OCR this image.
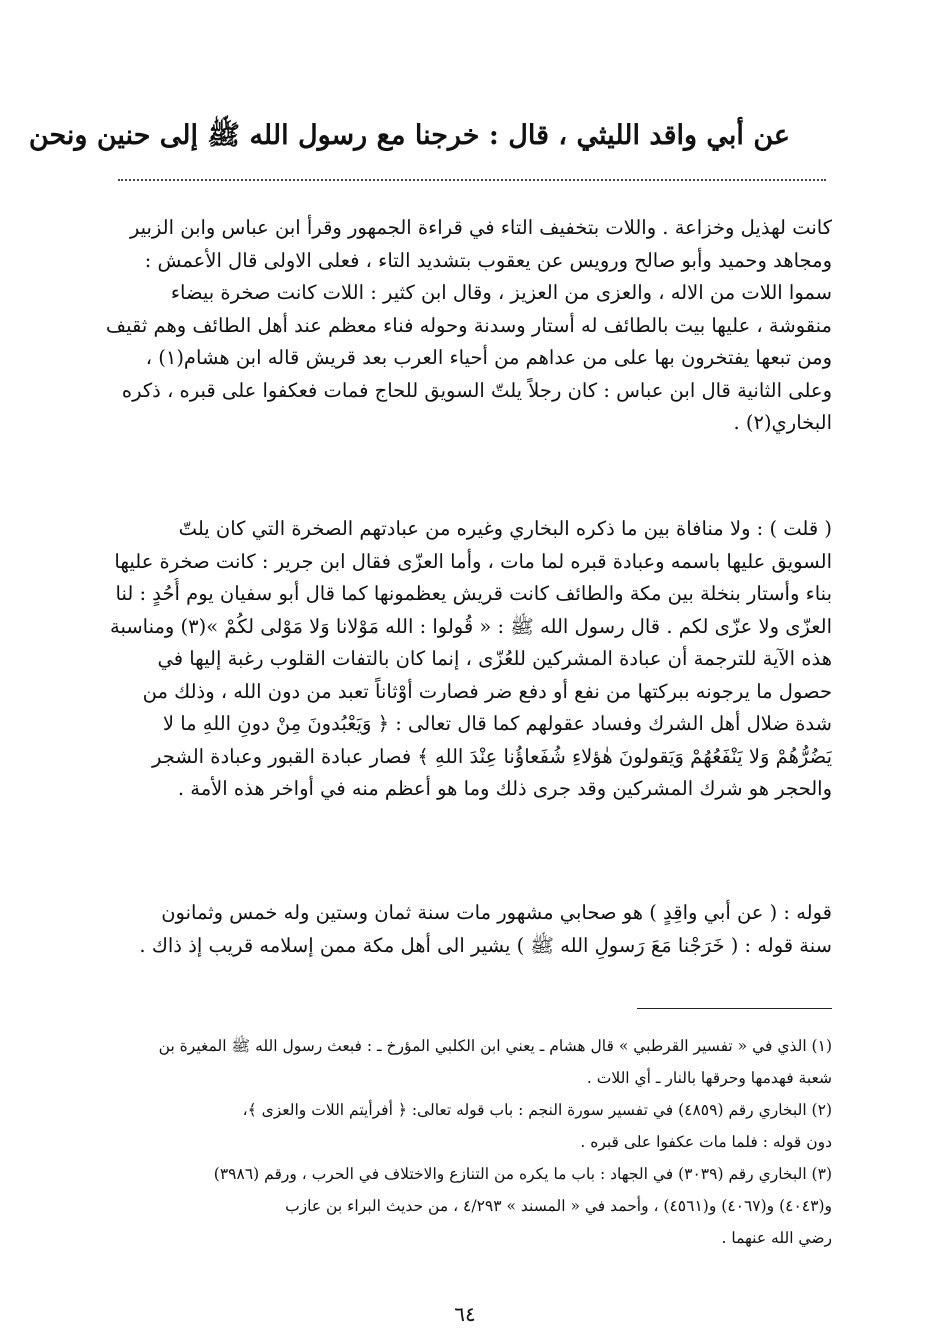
عن أبي واقد الليثي ، قال : خرجنا مع رسول الله ﷺ إلى حنين ونحن
كانت لهذيل وخزاعة . واللات بتخفيف التاء في قراءة الجمهور وقرأ ابن عباس وابن الزبير
ومجاهد وحميد وأبو صالح ورويس عن يعقوب بتشديد التاء ، فعلى الاولى قال الأعمش :
سموا اللات من الاله ، والعزى من العزيز ، وقال ابن كثير : اللات كانت صخرة بيضاء
منقوشة ، عليها بيت بالطائف له أستار وسدنة وحوله فناء معظم عند أهل الطائف وهم ثقيف
ومن تبعها يفتخرون بها على من عداهم من أحياء العرب بعد قريش قاله ابن هشام(١) ،
وعلى الثانية قال ابن عباس : كان رجلاً يلتّ السويق للحاج فمات فعكفوا على قبره ، ذكره
البخاري(٢) .
( قلت ) : ولا منافاة بين ما ذكره البخاري وغيره من عبادتهم الصخرة التي كان يلتّ
السويق عليها باسمه وعبادة قبره لما مات ، وأما العزّى فقال ابن جرير : كانت صخرة عليها
بناء وأستار بنخلة بين مكة والطائف كانت قريش يعظمونها كما قال أبو سفيان يوم أُحُدٍ : لنا
العزّى ولا عزّى لكم . قال رسول الله ﷺ : « قُولوا : الله مَوْلانا وَلا مَوْلى لكُمْ »(٣) ومناسبة
هذه الآية للترجمة أن عبادة المشركين للعُزّى ، إنما كان بالتفات القلوب رغبة إليها في
حصول ما يرجونه ببركتها من نفع أو دفع ضر فصارت أوْثاناً تعبد من دون الله ، وذلك من
شدة ضلال أهل الشرك وفساد عقولهم كما قال تعالى : ﴿ وَيَعْبُدونَ مِنْ دونِ اللهِ ما لا
يَضُرُّهُمْ وَلا يَنْفَعُهُمْ وَيَقولونَ هٰؤلاءِ شُفَعاؤُنا عِنْدَ اللهِ ﴾ فصار عبادة القبور وعبادة الشجر
والحجر هو شرك المشركين وقد جرى ذلك وما هو أعظم منه في أواخر هذه الأمة .
قوله : ( عن أبي واقِدٍ ) هو صحابي مشهور مات سنة ثمان وستين وله خمس وثمانون
سنة قوله : ( خَرَجْنا مَعَ رَسولِ الله ﷺ ) يشير الى أهل مكة ممن إسلامه قريب إذ ذاك .
(١) الذي في « تفسير القرطبي » قال هشام ـ يعني ابن الكلبي المؤرخ ـ : فبعث رسول الله ﷺ المغيرة بن
شعبة فهدمها وحرقها بالنار ـ أي اللات .
(٢) البخاري رقم (٤٨٥٩) في تفسير سورة النجم : باب قوله تعالى: ﴿ أفرأيتم اللات والعزى ﴾،
دون قوله : فلما مات عكفوا على قبره .
(٣) البخاري رقم (٣٠٣٩) في الجهاد : باب ما يكره من التنازع والاختلاف في الحرب ، ورقم (٣٩٨٦)
و(٤٠٤٣) و(٤٠٦٧) و(٤٥٦١) ، وأحمد في « المسند » ٤/٢٩٣ ، من حديث البراء بن عازب
رضي الله عنهما .
٦٤
